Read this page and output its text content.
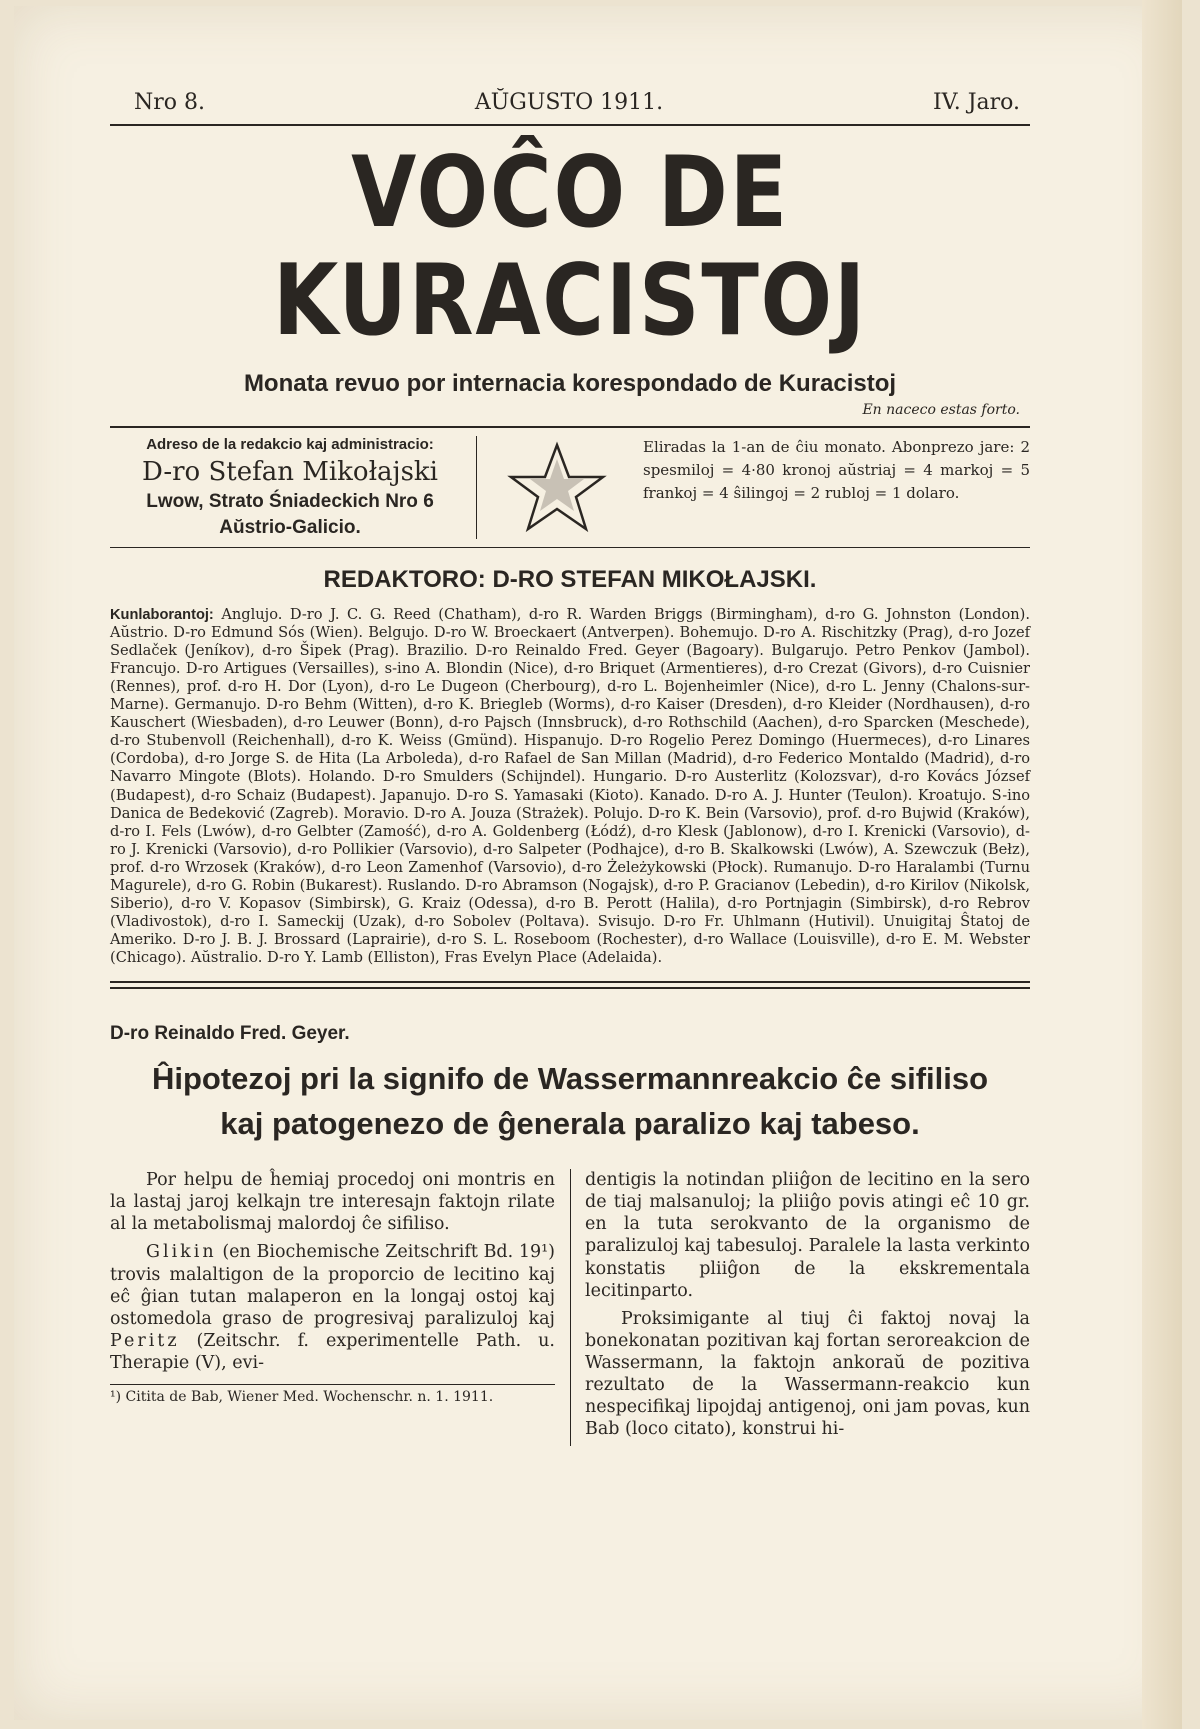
Nro 8.	AŬGUSTO 1911.	IV. Jaro.
VOĈO DE KURACISTOJ
Monata revuo por internacia korespondado de Kuracistoj
En naceco estas forto.
Adreso de la redakcio kaj administracio:
D-ro Stefan Mikołajski
Lwow, Strato Śniadeckich Nro 6
Aŭstrio-Galicio.
Eliradas la 1-an de ĉiu monato. Abonprezo jare: 2 spesmiloj = 4·80 kronoj aŭstriaj = 4 markoj = 5 frankoj = 4 ŝilingoj = 2 rubloj = 1 dolaro.
REDAKTORO: D-RO STEFAN MIKOŁAJSKI.
Kunlaborantoj: Anglujo. D-ro J. C. G. Reed (Chatham), d-ro R. Warden Briggs (Birmingham), d-ro G. Johnston (London). Aŭstrio. D-ro Edmund Sós (Wien). Belgujo. D-ro W. Broeckaert (Antverpen). Bohemujo. D-ro A. Rischitzky (Prag), d-ro Jozef Sedlaček (Jeníkov), d-ro Šipek (Prag). Brazilio. D-ro Reinaldo Fred. Geyer (Bagoary). Bulgarujo. Petro Penkov (Jambol). Francujo. D-ro Artigues (Versailles), s-ino A. Blondin (Nice), d-ro Briquet (Armentieres), d-ro Crezat (Givors), d-ro Cuisnier (Rennes), prof. d-ro H. Dor (Lyon), d-ro Le Dugeon (Cherbourg), d-ro L. Bojenheimler (Nice), d-ro L. Jenny (Chalons-sur-Marne). Germanujo. D-ro Behm (Witten), d-ro K. Briegleb (Worms), d-ro Kaiser (Dresden), d-ro Kleider (Nordhausen), d-ro Kauschert (Wiesbaden), d-ro Leuwer (Bonn), d-ro Pajsch (Innsbruck), d-ro Rothschild (Aachen), d-ro Sparcken (Meschede), d-ro Stubenvoll (Reichenhall), d-ro K. Weiss (Gmünd). Hispanujo. D-ro Rogelio Perez Domingo (Huermeces), d-ro Linares (Cordoba), d-ro Jorge S. de Hita (La Arboleda), d-ro Rafael de San Millan (Madrid), d-ro Federico Montaldo (Madrid), d-ro Navarro Mingote (Blots). Holando. D-ro Smulders (Schijndel). Hungario. D-ro Austerlitz (Kolozsvar), d-ro Kovács József (Budapest), d-ro Schaiz (Budapest). Japanujo. D-ro S. Yamasaki (Kioto). Kanado. D-ro A. J. Hunter (Teulon). Kroatujo. S-ino Danica de Bedeković (Zagreb). Moravio. D-ro A. Jouza (Strażek). Polujo. D-ro K. Bein (Varsovio), prof. d-ro Bujwid (Kraków), d-ro I. Fels (Lwów), d-ro Gelbter (Zamość), d-ro A. Goldenberg (Łódź), d-ro Klesk (Jablonow), d-ro I. Krenicki (Varsovio), d-ro J. Krenicki (Varsovio), d-ro Pollikier (Varsovio), d-ro Salpeter (Podhajce), d-ro B. Skalkowski (Lwów), A. Szewczuk (Bełz), prof. d-ro Wrzosek (Kraków), d-ro Leon Zamenhof (Varsovio), d-ro Żeleżykowski (Płock). Rumanujo. D-ro Haralambi (Turnu Magurele), d-ro G. Robin (Bukarest). Ruslando. D-ro Abramson (Nogajsk), d-ro P. Gracianov (Lebedin), d-ro Kirilov (Nikolsk, Siberio), d-ro V. Kopasov (Simbirsk), G. Kraiz (Odessa), d-ro B. Perott (Halila), d-ro Portnjagin (Simbirsk), d-ro Rebrov (Vladivostok), d-ro I. Sameckij (Uzak), d-ro Sobolev (Poltava). Svisujo. D-ro Fr. Uhlmann (Hutivil). Unuigitaj Ŝtatoj de Ameriko. D-ro J. B. J. Brossard (Laprairie), d-ro S. L. Roseboom (Rochester), d-ro Wallace (Louisville), d-ro E. M. Webster (Chicago). Aŭstralio. D-ro Y. Lamb (Elliston), Fras Evelyn Place (Adelaida).
D-ro Reinaldo Fred. Geyer.
Ĥipotezoj pri la signifo de Wassermannreakcio ĉe sifiliso
kaj patogenezo de ĝenerala paralizo kaj tabeso.

Por helpu de ĥemiaj procedoj oni montris en la lastaj jaroj kelkajn tre interesajn faktojn rilate al la metabolismaj malordoj ĉe sifiliso.

Glikin (en Biochemische Zeitschrift Bd. 19¹) trovis malaltigon de la proporcio de lecitino kaj eĉ ĝian tutan malaperon en la longaj ostoj kaj ostomedola graso de progresivaj paralizuloj kaj Peritz (Zeitschr. f. experimentelle Path. u. Therapie (V), evi-

¹) Citita de Bab, Wiener Med. Wochenschr. n. 1. 1911.

dentigis la notindan pliiĝon de lecitino en la sero de tiaj malsanuloj; la pliiĝo povis atingi eĉ 10 gr. en la tuta serokvanto de la organismo de paralizuloj kaj tabesuloj. Paralele la lasta verkinto konstatis pliiĝon de la ekskrementala lecitinparto.

Proksimigante al tiuj ĉi faktoj novaj la bonekonatan pozitivan kaj fortan seroreakcion de Wassermann, la faktojn ankoraŭ de pozitiva rezultato de la Wassermann-reakcio kun nespecifikaj lipojdaj antigenoj, oni jam povas, kun Bab (loco citato), konstrui hi-
